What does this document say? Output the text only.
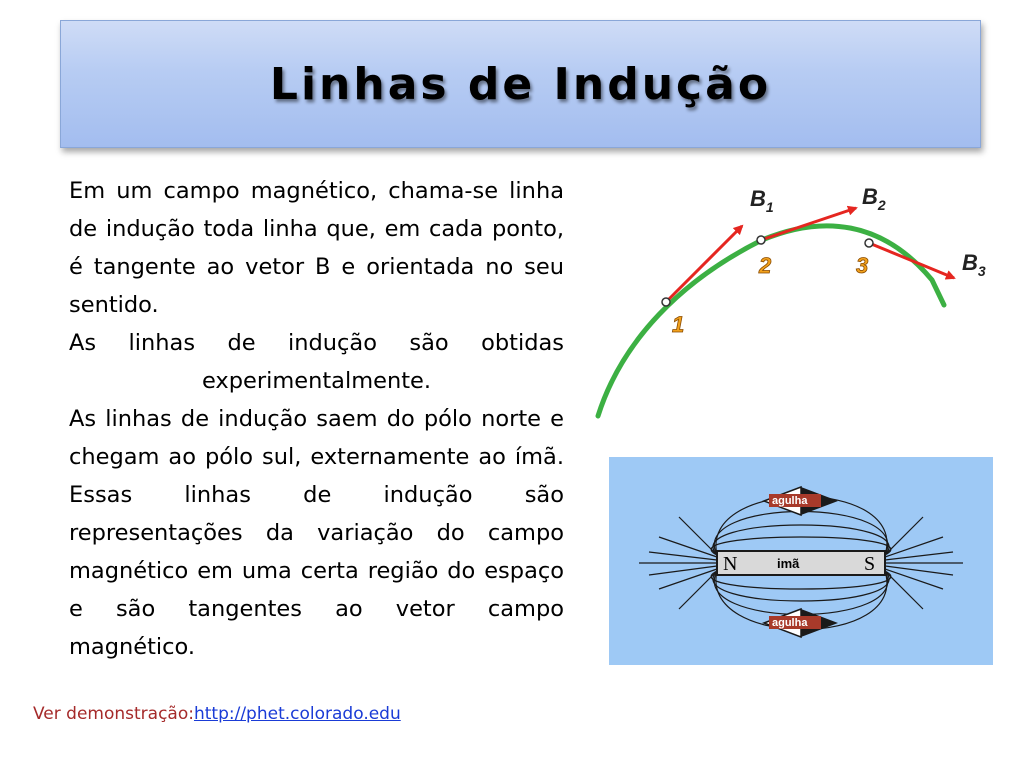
Linhas de Indução

Em um campo magnético, chama-se linha de indução toda linha que, em cada ponto, é tangente ao vetor B e orientada no seu sentido.

As linhas de indução são obtidas

experimentalmente.

As linhas de indução saem do pólo norte e chegam ao pólo sul, externamente ao ímã.

Essas linhas de indução são representações da variação do campo magnético em uma certa região do espaço e são tangentes ao vetor campo magnético.

Ver demonstração:http://phet.colorado.edu
1
2	3
$B_1$	$B_2$
$B_3$
N	S
imã
agulha
agulha
